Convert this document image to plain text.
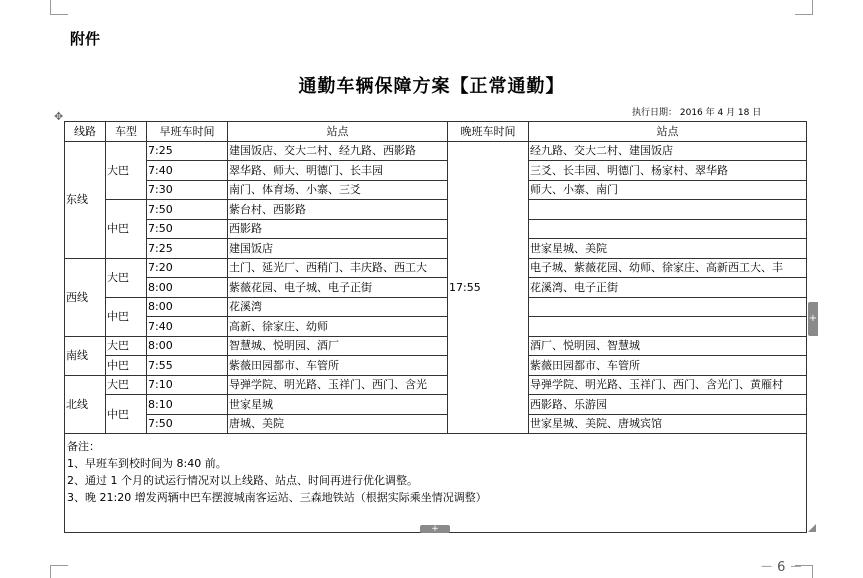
附件
通勤车辆保障方案【正常通勤】
执行日期： 2016 年 4 月 18 日
✥
线路	车型	早班车时间	站点	晚班车时间	站点
东线	大巴	7:25	建国饭店、交大二村、经九路、西影路	17:55	经九路、交大二村、建国饭店
		7:40	翠华路、师大、明德门、长丰园		三爻、长丰园、明德门、杨家村、翠华路
		7:30	南门、体育场、小寨、三爻		师大、小寨、南门
	中巴	7:50	紫台村、西影路		
		7:50	西影路		
		7:25	建国饭店		世家星城、美院
西线	大巴	7:20	土门、延光厂、西稍门、丰庆路、西工大		电子城、紫薇花园、幼师、徐家庄、高新西工大、丰
		8:00	紫薇花园、电子城、电子正街		花溪湾、电子正街
	中巴	8:00	花溪湾		
		7:40	高新、徐家庄、幼师		
南线	大巴	8:00	智慧城、悦明园、酒厂		酒厂、悦明园、智慧城
	中巴	7:55	紫薇田园都市、车管所		紫薇田园都市、车管所
北线	大巴	7:10	导弹学院、明光路、玉祥门、西门、含光		导弹学院、明光路、玉祥门、西门、含光门、黄雁村
	中巴	8:10	世家星城		西影路、乐游园
		7:50	唐城、美院		世家星城、美院、唐城宾馆

备注：
1、早班车到校时间为 8:40 前。
2、通过 1 个月的试运行情况对以上线路、站点、时间再进行优化调整。
3、晚 21:20 增发两辆中巴车摆渡城南客运站、三森地铁站（根据实际乘坐情况调整）					
+
+
－ 6 －
